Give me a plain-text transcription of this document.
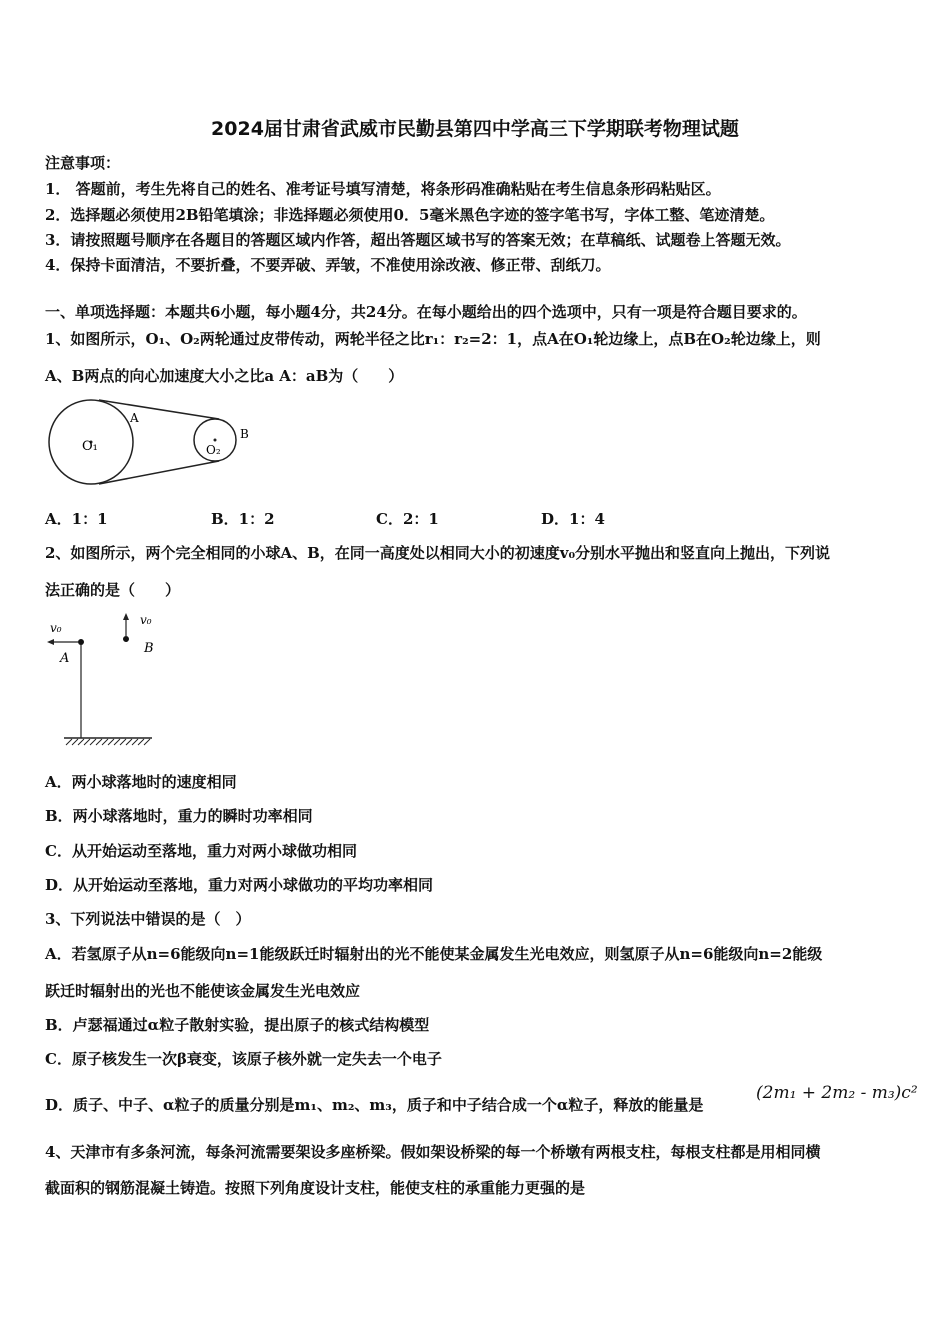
2024届甘肃省武威市民勤县第四中学高三下学期联考物理试题
注意事项：
1． 答题前，考生先将自己的姓名、准考证号填写清楚，将条形码准确粘贴在考生信息条形码粘贴区。
2．选择题必须使用2B铅笔填涂；非选择题必须使用0．5毫米黑色字迹的签字笔书写，字体工整、笔迹清楚。
3．请按照题号顺序在各题目的答题区域内作答，超出答题区域书写的答案无效；在草稿纸、试题卷上答题无效。
4．保持卡面清洁，不要折叠，不要弄破、弄皱，不准使用涂改液、修正带、刮纸刀。
一、单项选择题：本题共6小题，每小题4分，共24分。在每小题给出的四个选项中，只有一项是符合题目要求的。
1、如图所示，O₁、O₂两轮通过皮带传动，两轮半径之比r₁：r₂=2：1，点A在O₁轮边缘上，点B在O₂轮边缘上，则
A、B两点的向心加速度大小之比a A：aB为（　　）
O₁	O₂
A
B
A．1：1	B．1：2	C．2：1	D．1：4
2、如图所示，两个完全相同的小球A、B，在同一高度处以相同大小的初速度v₀分别水平抛出和竖直向上抛出，下列说
法正确的是（　　）
v₀
v₀
A
B
A．两小球落地时的速度相同
B．两小球落地时，重力的瞬时功率相同
C．从开始运动至落地，重力对两小球做功相同
D．从开始运动至落地，重力对两小球做功的平均功率相同
3、下列说法中错误的是（　）
A．若氢原子从n=6能级向n=1能级跃迁时辐射出的光不能使某金属发生光电效应，则氢原子从n=6能级向n=2能级
跃迁时辐射出的光也不能使该金属发生光电效应
B．卢瑟福通过α粒子散射实验，提出原子的核式结构模型
C．原子核发生一次β衰变，该原子核外就一定失去一个电子
D．质子、中子、α粒子的质量分别是m₁、m₂、m₃，质子和中子结合成一个α粒子，释放的能量是
(2m₁ + 2m₂ - m₃)c²
4、天津市有多条河流，每条河流需要架设多座桥梁。假如架设桥梁的每一个桥墩有两根支柱，每根支柱都是用相同横
截面积的钢筋混凝土铸造。按照下列角度设计支柱，能使支柱的承重能力更强的是
